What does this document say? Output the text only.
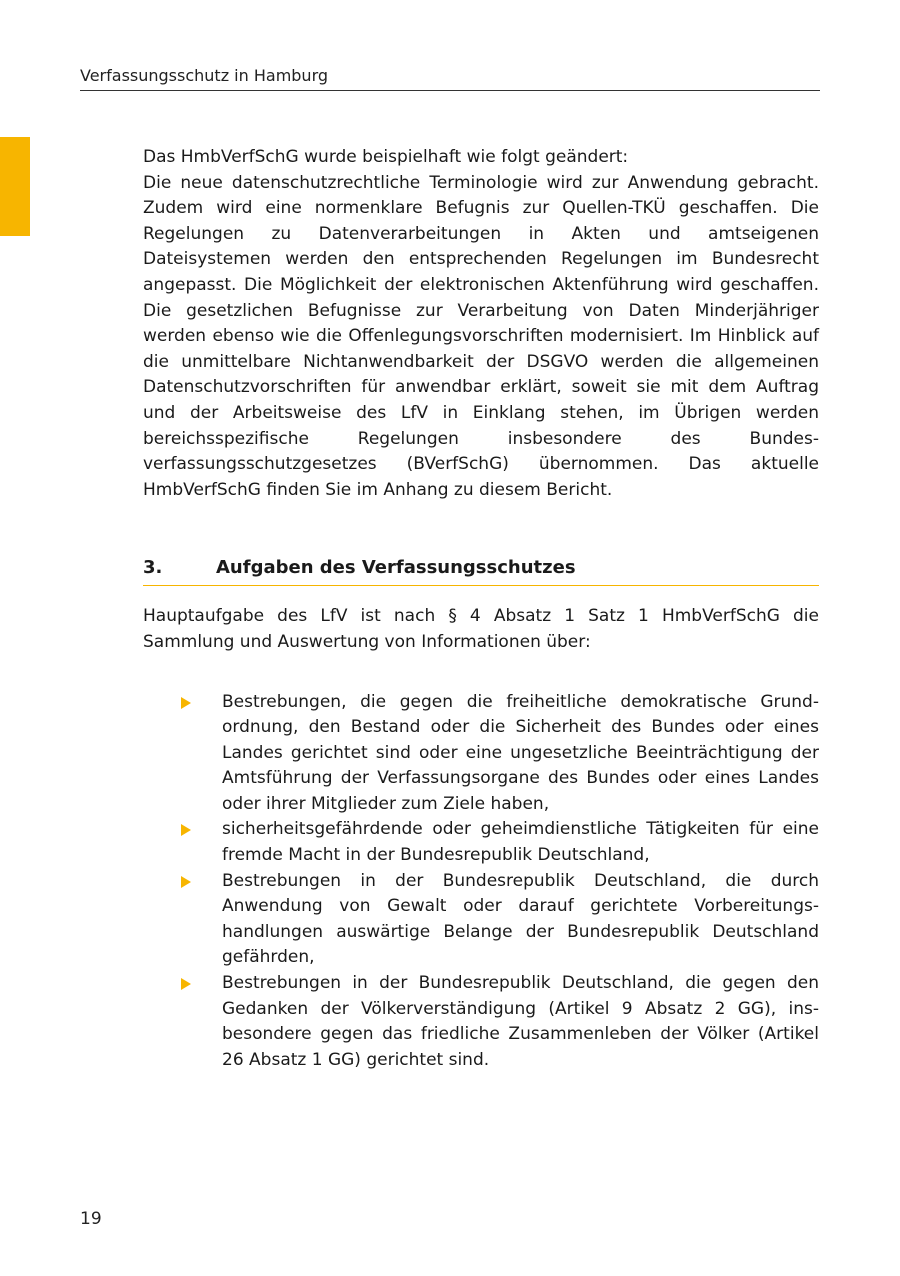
Verfassungsschutz in Hamburg

Das HmbVerfSchG wurde beispielhaft wie folgt geändert:
Die neue datenschutzrechtliche Terminologie wird zur Anwendung gebracht. Zudem wird eine normenklare Befugnis zur Quellen-TKÜ geschaffen. Die Regelungen zu Datenverarbeitungen in Akten und amtseigenen Dateisystemen werden den entsprechenden Regelungen im Bundesrecht angepasst. Die Möglichkeit der elektronischen Aktenführung wird geschaffen. Die gesetzlichen Befugnisse zur Verarbeitung von Daten Minderjähriger werden ebenso wie die Offenlegungsvorschriften modernisiert. Im Hinblick auf die unmittelbare Nichtanwendbarkeit der DSGVO werden die allgemeinen Datenschutzvorschriften für anwendbar erklärt, soweit sie mit dem Auftrag und der Arbeitsweise des LfV in Einklang stehen, im Übrigen werden bereichsspezifische Regelungen insbesondere des Bundesverfassungsschutzgesetzes (BVerfSchG) übernommen. Das aktuelle HmbVerfSchG finden Sie im Anhang zu diesem Bericht.

3.	Aufgaben des Verfassungsschutzes

Hauptaufgabe des LfV ist nach § 4 Absatz 1 Satz 1 HmbVerfSchG die Sammlung und Auswertung von Informationen über:

Bestrebungen, die gegen die freiheitliche demokratische Grundordnung, den Bestand oder die Sicherheit des Bundes oder eines Landes gerichtet sind oder eine ungesetzliche Beeinträchtigung der Amtsführung der Verfassungsorgane des Bundes oder eines Landes oder ihrer Mitglieder zum Ziele haben,

sicherheitsgefährdende oder geheimdienstliche Tätigkeiten für eine fremde Macht in der Bundesrepublik Deutschland,

Bestrebungen in der Bundesrepublik Deutschland, die durch Anwendung von Gewalt oder darauf gerichtete Vorbereitungshandlungen auswärtige Belange der Bundesrepublik Deutschland gefährden,

Bestrebungen in der Bundesrepublik Deutschland, die gegen den Gedanken der Völkerverständigung (Artikel 9 Absatz 2 GG), insbesondere gegen das friedliche Zusammenleben der Völker (Artikel 26 Absatz 1 GG) gerichtet sind.

19
